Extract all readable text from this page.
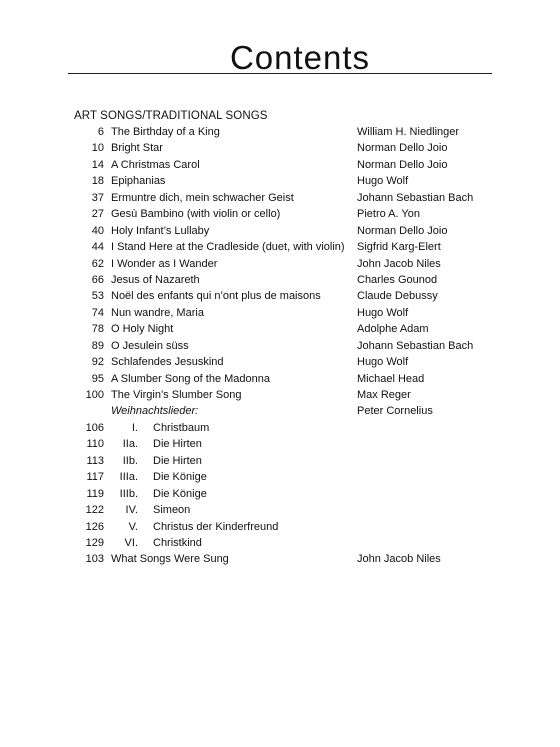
Contents
ART SONGS/TRADITIONAL SONGS
6 The Birthday of a King	William H. Niedlinger
10 Bright Star	Norman Dello Joio
14 A Christmas Carol	Norman Dello Joio
18 Epiphanias	Hugo Wolf
37 Ermuntre dich, mein schwacher Geist	Johann Sebastian Bach
27 Gesù Bambino (with violin or cello)	Pietro A. Yon
40 Holy Infant’s Lullaby	Norman Dello Joio
44 I Stand Here at the Cradleside (duet, with violin) Sigfrid Karg-Elert
62 I Wonder as I Wander	John Jacob Niles
66 Jesus of Nazareth	Charles Gounod
53 Noël des enfants qui n’ont plus de maisons	Claude Debussy
74 Nun wandre, Maria	Hugo Wolf
78 O Holy Night	Adolphe Adam
89 O Jesulein süss	Johann Sebastian Bach
92 Schlafendes Jesuskind	Hugo Wolf
95 A Slumber Song of the Madonna	Michael Head
100 The Virgin’s Slumber Song	Max Reger
Weihnachtslieder:	Peter Cornelius
106	I. Christbaum
110 IIa. Die Hirten
113 IIb. Die Hirten
117 IIIa. Die Könige
119 IIIb. Die Könige
122 IV. Simeon
126 V. Christus der Kinderfreund
129 VI. Christkind
103 What Songs Were Sung	John Jacob Niles
